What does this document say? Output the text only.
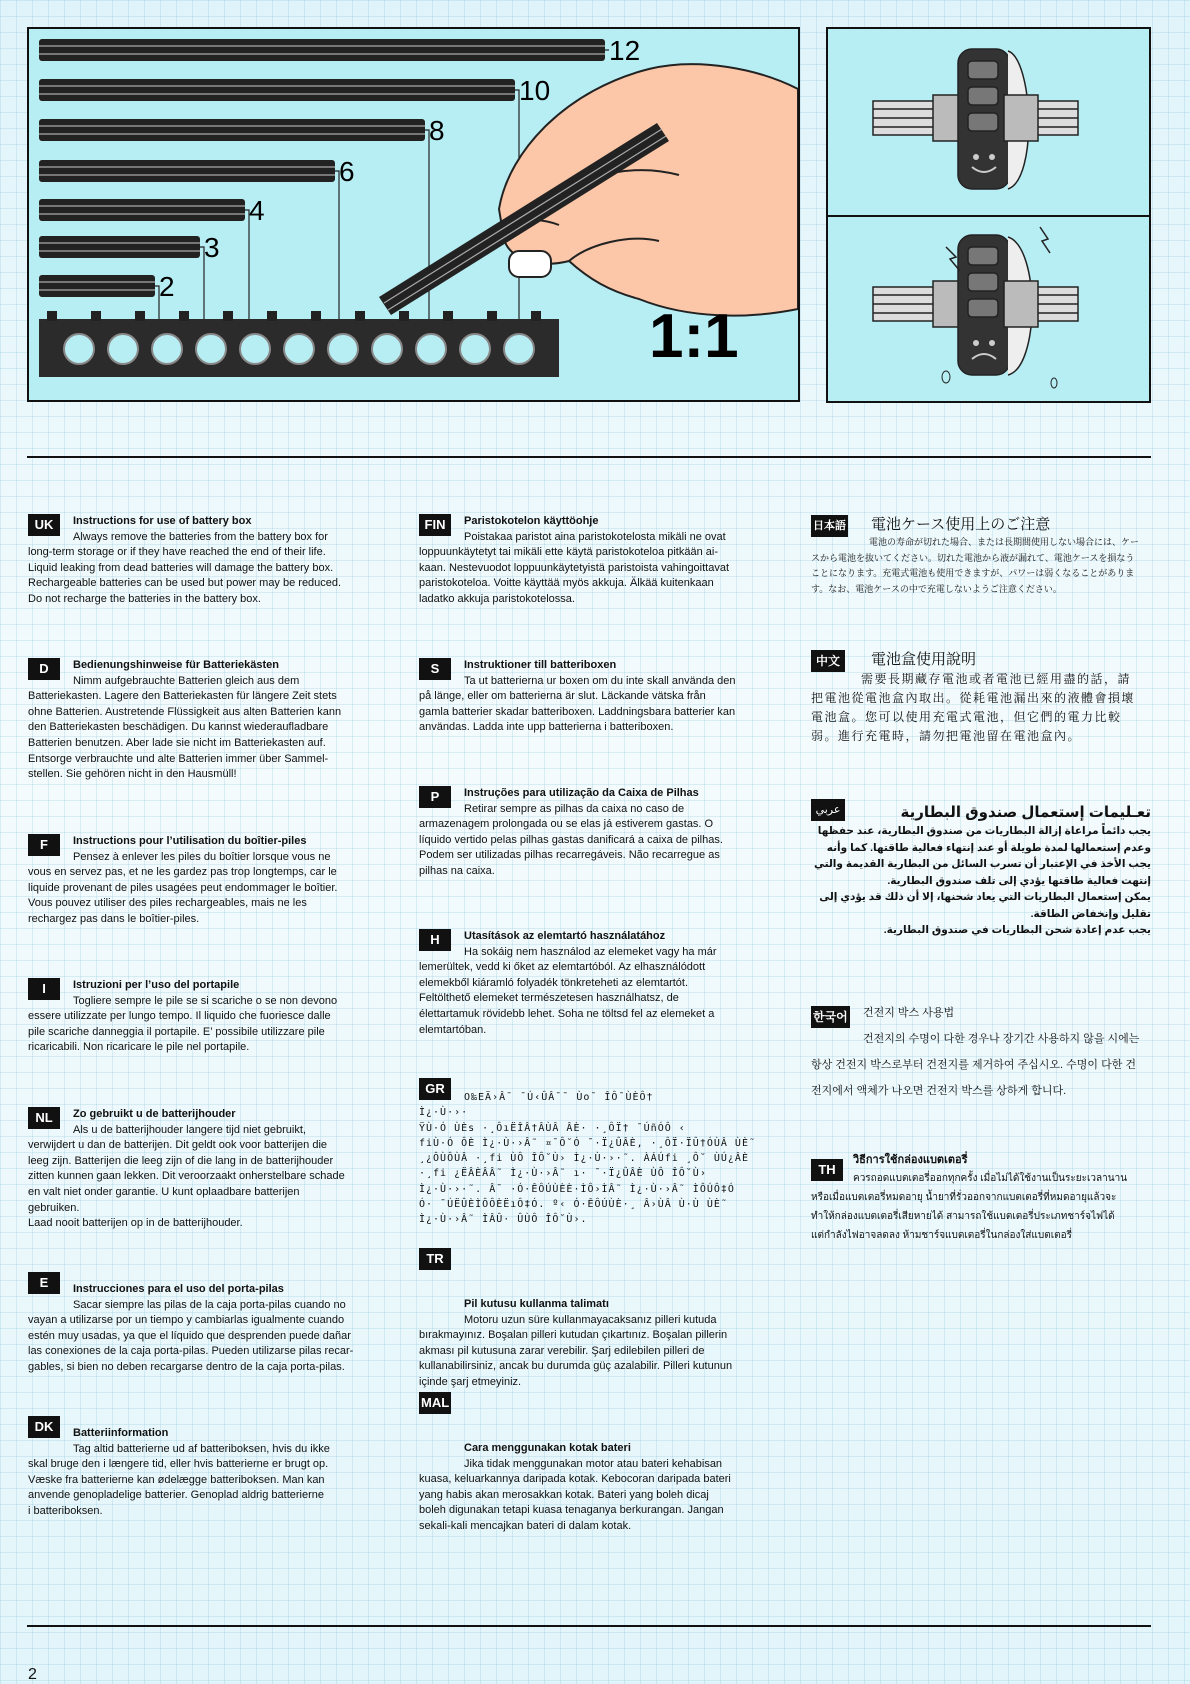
12
10
8
6
4
3
2
1:1
UK	Instructions for use of battery box
Always remove the batteries from the battery box for
long-term storage or if they have reached the end of their life.
Liquid leaking from dead batteries will damage the battery box.
Rechargeable batteries can be used but power may be reduced.
Do not recharge the batteries in the battery box.
D	Bedienungshinweise für Batteriekästen
Nimm aufgebrauchte Batterien gleich aus dem
Batteriekasten. Lagere den Batteriekasten für längere Zeit stets
ohne Batterien. Austretende Flüssigkeit aus alten Batterien kann
den Batteriekasten beschädigen. Du kannst wiederaufladbare
Batterien benutzen. Aber lade sie nicht im Batteriekasten auf.
Entsorge verbrauchte und alte Batterien immer über Sammel-
stellen. Sie gehören nicht in den Hausmüll!
F	Instructions pour l’utilisation du boîtier-piles
Pensez à enlever les piles du boîtier lorsque vous ne
vous en servez pas, et ne les gardez pas trop longtemps, car le
liquide provenant de piles usagées peut endommager le boîtier.
Vous pouvez utiliser des piles rechargeables, mais ne les
rechargez pas dans le boîtier-piles.
I	Istruzioni per l’uso del portapile
Togliere sempre le pile se si scariche o se non devono
essere utilizzate per lungo tempo. Il liquido che fuoriesce dalle
pile scariche danneggia il portapile. E’ possibile utilizzare pile
ricaricabili. Non ricaricare le pile nel portapile.
NL	Zo gebruikt u de batterijhouder
Als u de batterijhouder langere tijd niet gebruikt,
verwijdert u dan de batterijen. Dit geldt ook voor batterijen die
leeg zijn. Batterijen die leeg zijn of die lang in de batterijhouder
zitten kunnen gaan lekken. Dit veroorzaakt onherstelbare schade
en valt niet onder garantie. U kunt oplaadbare batterijen
gebruiken.
Laad nooit batterijen op in de batterijhouder.
E	Instrucciones para el uso del porta-pilas
Sacar siempre las pilas de la caja porta-pilas cuando no
vayan a utilizarse por un tiempo y cambiarlas igualmente cuando
estén muy usadas, ya que el líquido que desprenden puede dañar
las conexiones de la caja porta-pilas. Pueden utilizarse pilas recar-
gables, si bien no deben recargarse dentro de la caja porta-pilas.
DK	Batteriinformation
Tag altid batterierne ud af batteriboksen, hvis du ikke
skal bruge den i længere tid, eller hvis batterierne er brugt op.
Væske fra batterierne kan ødelægge batteriboksen. Man kan
anvende genopladelige batterier. Genoplad aldrig batterierne
i batteriboksen.
FIN	Paristokotelon käyttöohje
Poistakaa paristot aina paristokotelosta mikäli ne ovat
loppuunkäytetyt tai mikäli ette käytä paristokoteloa pitkään ai-
kaan. Nestevuodot loppuunkäytetyistä paristoista vahingoittavat
paristokoteloa. Voitte käyttää myös akkuja. Älkää kuitenkaan
ladatko akkuja paristokotelossa.
S	Instruktioner till batteriboxen
Ta ut batterierna ur boxen om du inte skall använda den
på länge, eller om batterierna är slut. Läckande vätska från
gamla batterier skadar batteriboxen. Laddningsbara batterier kan
användas. Ladda inte upp batterierna i batteriboxen.
P	Instruções para utilização da Caixa de Pilhas
Retirar sempre as pilhas da caixa no caso de
armazenagem prolongada ou se elas já estiverem gastas. O
líquido vertido pelas pilhas gastas danificará a caixa de pilhas.
Podem ser utilizadas pilhas recarregáveis. Não recarregue as
pilhas na caixa.
H	Utasítások az elemtartó használatához
Ha sokáig nem használod az elemeket vagy ha már
lemerültek, vedd ki őket az elemtartóból. Az elhasználódott
elemekből kiáramló folyadék tönkreteheti az elemtartót.
Feltölthető elemeket természetesen használhatsz, de
élettartamuk rövidebb lehet. Soha ne töltsd fel az elemeket a
elemtartóban.
GR
O‰EÄ›Â¯ ¯Ú‹ÛÂ¯¯ Ùo¯ ÎÔ¯ÙÈÔ†
Ì¿·Ù·›·
ŸÙ·Ó ÙÈs ·¸ÔıËÎÂ†ÂÙÂ ÂÈ· ·¸ÔÏ† ¯ÚñÓÔ ‹
fiÙ·Ó ÔÈ Ì¿·Ù·›Â˜ ¤¯Ô˘Ó ¯·Ï¿ÛÂÈ, ·¸ÔÏ·ÏÛ†ÓÙÂ ÙÈ˜
¸¿ÔÙÔÙÂ ·¸fi ÙÔ ÎÔ˘Ù› Ì¿·Ù·›·˜. ÀÁÚfi ¸Ô˘ ÙÚ¿ÂÈ
·¸fi ¿ËÂÈÂÂ˜ Ì¿·Ù·›Â˜ ı· ¯·Ï¿ÛÂÈ ÙÔ ÎÔ˘Ù›
Ì¿·Ù·›·˜. Â¯ ·Ó·ÊÔÚÙÈÈ·ÌÔ›ÌÂ˜ Ì¿·Ù·›Â˜ ÌÔÚÔ‡Ó
Ó· ¯ÚËÛÈÌÔÔÈËıÔ‡Ó. º‹ Ó·ÊÔÚÙÈ·¸ Â›ÙÂ Ù·Ù ÙÈ˜
Ì¿·Ù·›Â˜ ÌÂÛ· ÛÙÔ ÎÔ˘Ù›.
TR
Pil kutusu kullanma talimatı
Motoru uzun süre kullanmayacaksanız pilleri kutuda
bırakmayınız. Boşalan pilleri kutudan çıkartınız. Boşalan pillerin
akması pil kutusuna zarar verebilir. Şarj edilebilen pilleri de
kullanabilirsiniz, ancak bu durumda güç azalabilir. Pilleri kutunun
içinde şarj etmeyiniz.
MAL
Cara menggunakan kotak bateri
Jika tidak menggunakan motor atau bateri kehabisan
kuasa, keluarkannya daripada kotak. Kebocoran daripada bateri
yang habis akan merosakkan kotak. Bateri yang boleh dicaj
boleh digunakan tetapi kuasa tenaganya berkurangan. Jangan
sekali-kali mencajkan bateri di dalam kotak.
日本語	電池ケース使用上のご注意
電池の寿命が切れた場合、または長期間使用しない場合には、ケー
スから電池を抜いてください。切れた電池から液が漏れて、電池ケースを損なう
ことになります。充電式電池も使用できますが、パワーは弱くなることがありま
す。なお、電池ケースの中で充電しないようご注意ください。
中文	電池盒使用說明
需要長期藏存電池或者電池已經用盡的話，請
把電池從電池盒內取出。從耗電池漏出來的液體會損壞
電池盒。您可以使用充電式電池，但它們的電力比較
弱。進行充電時，請勿把電池留在電池盒內。
عربي	تعـليمات إستعمال صندوق البطارية
يجب دائماً مراعاة إزالة البطاريات من صندوق البطارية، عند حفظها
وعدم إستعمالها لمدة طويلة أو عند إنتهاء فعالية طاقتها. كما وأنه
يجب الأخذ في الإعتبار أن تسرب السائل من البطارية القديمة والتي
إنتهت فعالية طاقتها يؤدي إلى تلف صندوق البطارية.
يمكن إستعمال البطاريات التي يعاد شحنها، إلا أن ذلك قد يؤدي إلى
تقليل وإنخفاض الطاقة.
يجب عدم إعادة شحن البطاريات في صندوق البطارية.
한국어	건전지 박스 사용법
건전지의 수명이 다한 경우나 장기간 사용하지 않을 시에는
항상 건전지 박스로부터 건전지를 제거하여 주십시오. 수명이 다한 건
전지에서 액체가 나오면 건전지 박스를 상하게 합니다.
TH
วิธีการใช้กล่องแบตเตอรี่
ควรถอดแบตเตอรี่ออกทุกครั้ง เมื่อไม่ได้ใช้งานเป็นระยะเวลานาน
หรือเมื่อแบตเตอรี่หมดอายุ น้ำยาที่รั่วออกจากแบตเตอรี่ที่หมดอายุแล้วจะ
ทำให้กล่องแบตเตอรี่เสียหายได้ สามารถใช้แบตเตอรี่ประเภทชาร์จไฟได้
แต่กำลังไฟอาจลดลง ห้ามชาร์จแบตเตอรี่ในกล่องใส่แบตเตอรี่
2
